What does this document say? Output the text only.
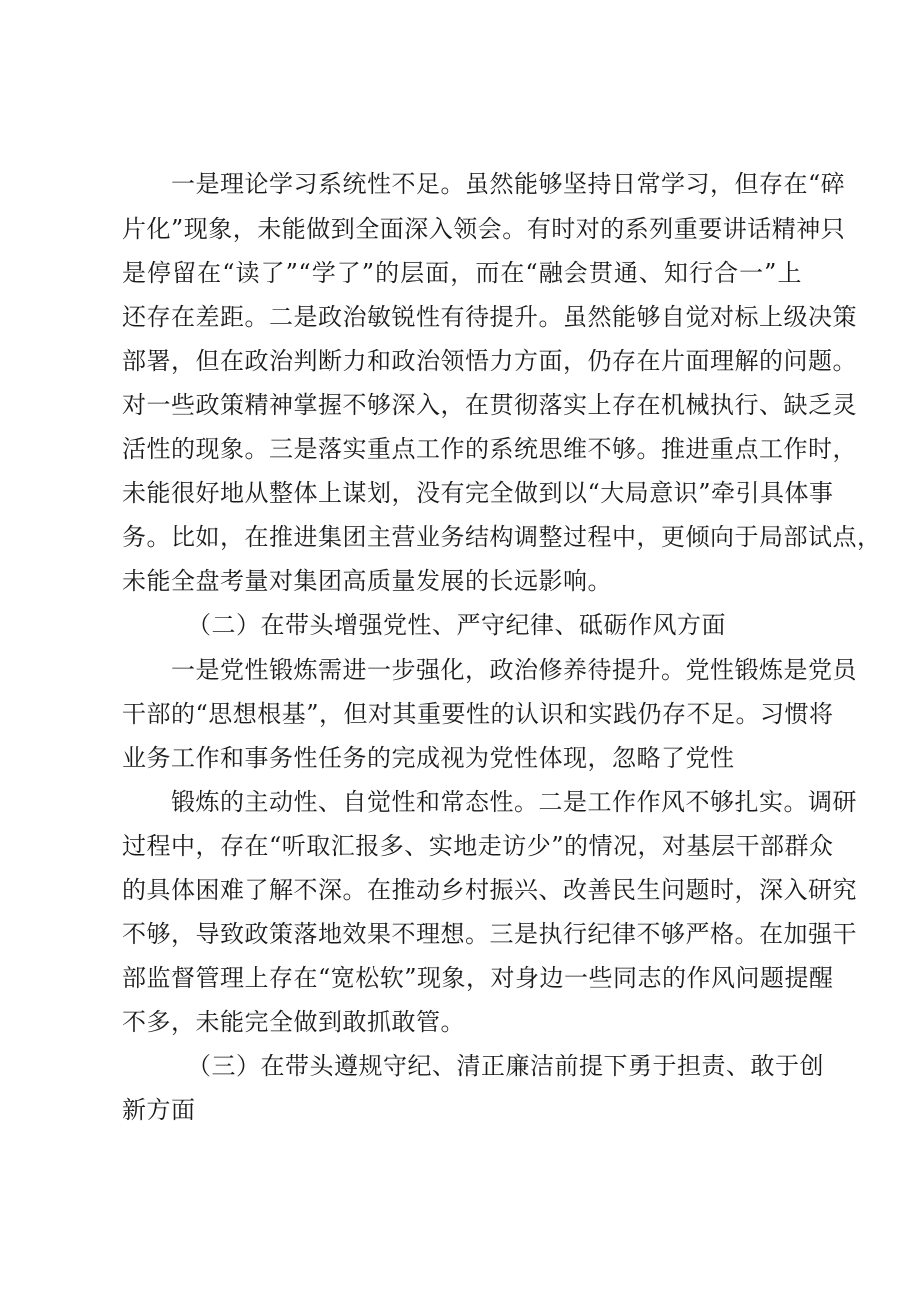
一是理论学习系统性不足。虽然能够坚持日常学习，但存在“碎
片化”现象，未能做到全面深入领会。有时对的系列重要讲话精神只
是停留在“读了”“学了”的层面，而在“融会贯通、知行合一”上
还存在差距。二是政治敏锐性有待提升。虽然能够自觉对标上级决策
部署，但在政治判断力和政治领悟力方面，仍存在片面理解的问题。
对一些政策精神掌握不够深入，在贯彻落实上存在机械执行、缺乏灵
活性的现象。三是落实重点工作的系统思维不够。推进重点工作时，
未能很好地从整体上谋划，没有完全做到以“大局意识”牵引具体事
务。比如，在推进集团主营业务结构调整过程中，更倾向于局部试点，
未能全盘考量对集团高质量发展的长远影响。
（二）在带头增强党性、严守纪律、砥砺作风方面
一是党性锻炼需进一步强化，政治修养待提升。党性锻炼是党员
干部的“思想根基”，但对其重要性的认识和实践仍存不足。习惯将
业务工作和事务性任务的完成视为党性体现，忽略了党性
锻炼的主动性、自觉性和常态性。二是工作作风不够扎实。调研
过程中，存在“听取汇报多、实地走访少”的情况，对基层干部群众
的具体困难了解不深。在推动乡村振兴、改善民生问题时，深入研究
不够，导致政策落地效果不理想。三是执行纪律不够严格。在加强干
部监督管理上存在“宽松软”现象，对身边一些同志的作风问题提醒
不多，未能完全做到敢抓敢管。
（三）在带头遵规守纪、清正廉洁前提下勇于担责、敢于创
新方面
